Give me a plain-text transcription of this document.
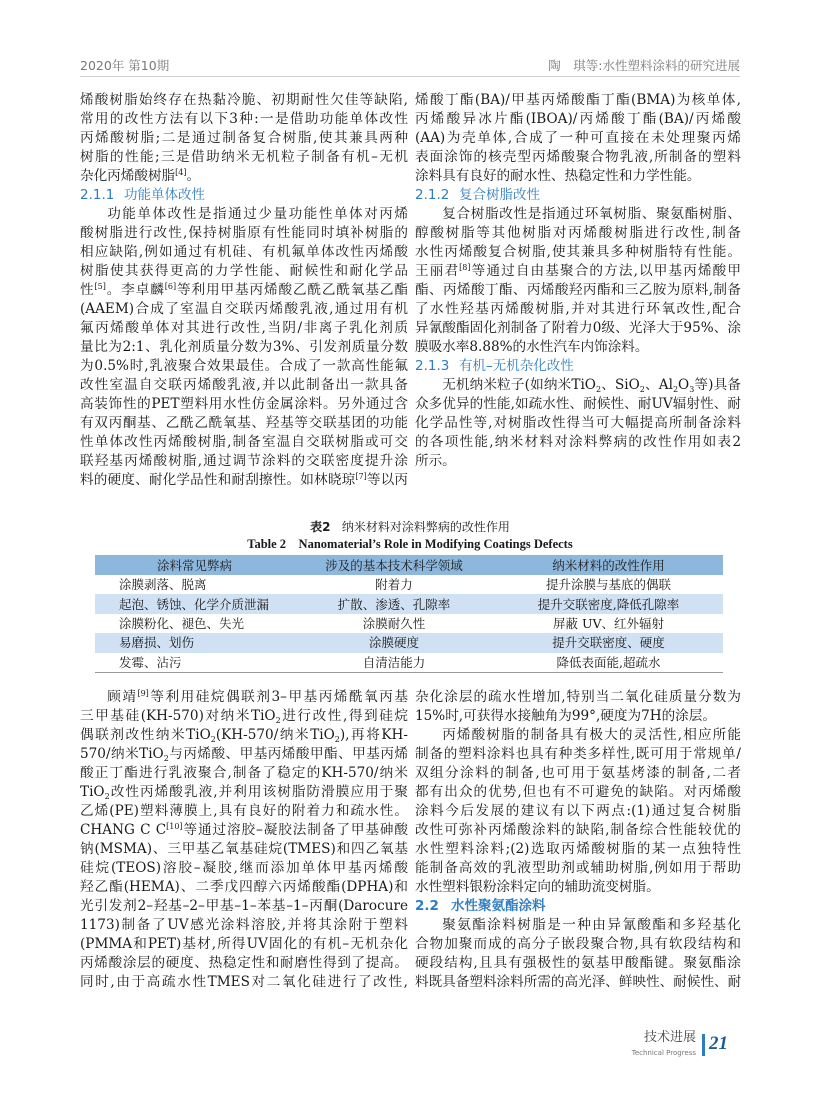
2020年 第10期	陶　琪等:水性塑料涂料的研究进展
烯酸树脂始终存在热黏冷脆、初期耐性欠佳等缺陷,
常用的改性方法有以下3种:一是借助功能单体改性
丙烯酸树脂;二是通过制备复合树脂,使其兼具两种
树脂的性能;三是借助纳米无机粒子制备有机–无机
杂化丙烯酸树脂[4]。
2.1.1 功能单体改性
功能单体改性是指通过少量功能性单体对丙烯
酸树脂进行改性,保持树脂原有性能同时填补树脂的
相应缺陷,例如通过有机硅、有机氟单体改性丙烯酸
树脂使其获得更高的力学性能、耐候性和耐化学品
性[5]。李卓麟[6]等利用甲基丙烯酸乙酰乙酰氧基乙酯
(AAEM)合成了室温自交联丙烯酸乳液,通过用有机
氟丙烯酸单体对其进行改性,当阴/非离子乳化剂质
量比为2:1、乳化剂质量分数为3%、引发剂质量分数
为0.5%时,乳液聚合效果最佳。合成了一款高性能氟
改性室温自交联丙烯酸乳液,并以此制备出一款具备
高装饰性的PET塑料用水性仿金属涂料。另外通过含
有双丙酮基、乙酰乙酰氧基、羟基等交联基团的功能
性单体改性丙烯酸树脂,制备室温自交联树脂或可交
联羟基丙烯酸树脂,通过调节涂料的交联密度提升涂
料的硬度、耐化学品性和耐刮擦性。如林晓琼[7]等以丙
烯酸丁酯(BA)/甲基丙烯酸酯丁酯(BMA)为核单体,
丙烯酸异冰片酯(IBOA)/丙烯酸丁酯(BA)/丙烯酸
(AA)为壳单体,合成了一种可直接在未处理聚丙烯
表面涂饰的核壳型丙烯酸聚合物乳液,所制备的塑料
涂料具有良好的耐水性、热稳定性和力学性能。
2.1.2 复合树脂改性
复合树脂改性是指通过环氧树脂、聚氨酯树脂、
醇酸树脂等其他树脂对丙烯酸树脂进行改性,制备
水性丙烯酸复合树脂,使其兼具多种树脂特有性能。
王丽君[8]等通过自由基聚合的方法,以甲基丙烯酸甲
酯、丙烯酸丁酯、丙烯酸羟丙酯和三乙胺为原料,制备
了水性羟基丙烯酸树脂,并对其进行环氧改性,配合
异氰酸酯固化剂制备了附着力0级、光泽大于95%、涂
膜吸水率8.88%的水性汽车内饰涂料。
2.1.3 有机–无机杂化改性
无机纳米粒子(如纳米TiO$_2$、SiO$_2$、$Al_2O_3$等)具备
众多优异的性能,如疏水性、耐候性、耐UV辐射性、耐
化学品性等,对树脂改性得当可大幅提高所制备涂料
的各项性能,纳米材料对涂料弊病的改性作用如表2
所示。
表2 纳米材料对涂料弊病的改性作用
Table 2　Nanomaterial’s Role in Modifying Coatings Defects
涂料常见弊病	涉及的基本技术科学领域	纳米材料的改性作用
涂膜剥落、脱离	附着力	提升涂膜与基底的偶联
起泡、锈蚀、化学介质泄漏	扩散、渗透、孔隙率	提升交联密度,降低孔隙率
涂膜粉化、褪色、失光	涂膜耐久性	屏蔽 UV、红外辐射
易磨损、划伤	涂膜硬度	提升交联密度、硬度
发霉、沾污	自清洁能力	降低表面能,超疏水
顾靖[9]等利用硅烷偶联剂3–甲基丙烯酰氧丙基
三甲基硅(KH-570)对纳米TiO$_2$进行改性,得到硅烷
偶联剂改性纳米TiO$_2$(KH-570/纳米TiO$_2$),再将KH-
570/纳米TiO$_2$与丙烯酸、甲基丙烯酸甲酯、甲基丙烯
酸正丁酯进行乳液聚合,制备了稳定的KH-570/纳米
TiO$_2$改性丙烯酸乳液,并利用该树脂防滑膜应用于聚
乙烯(PE)塑料薄膜上,具有良好的附着力和疏水性。
CHANG C C[10]等通过溶胶–凝胶法制备了甲基砷酸
钠(MSMA)、三甲基乙氧基硅烷(TMES)和四乙氧基
硅烷(TEOS)溶胶–凝胶,继而添加单体甲基丙烯酸
羟乙酯(HEMA)、二季戊四醇六丙烯酸酯(DPHA)和
光引发剂2–羟基–2–甲基–1–苯基–1–丙酮(Darocure
1173)制备了UV感光涂料溶胶,并将其涂附于塑料
(PMMA和PET)基材,所得UV固化的有机–无机杂化
丙烯酸涂层的硬度、热稳定性和耐磨性得到了提高。
同时,由于高疏水性TMES对二氧化硅进行了改性,
杂化涂层的疏水性增加,特别当二氧化硅质量分数为
15%时,可获得水接触角为99°,硬度为7H的涂层。
丙烯酸树脂的制备具有极大的灵活性,相应所能
制备的塑料涂料也具有种类多样性,既可用于常规单/
双组分涂料的制备,也可用于氨基烤漆的制备,二者
都有出众的优势,但也有不可避免的缺陷。对丙烯酸
涂料今后发展的建议有以下两点:(1)通过复合树脂
改性可弥补丙烯酸涂料的缺陷,制备综合性能较优的
水性塑料涂料;(2)选取丙烯酸树脂的某一点独特性
能制备高效的乳液型助剂或辅助树脂,例如用于帮助
水性塑料银粉涂料定向的辅助流变树脂。
2.2 水性聚氨酯涂料
聚氨酯涂料树脂是一种由异氰酸酯和多羟基化
合物加聚而成的高分子嵌段聚合物,具有软段结构和
硬段结构,且具有强极性的氨基甲酸酯键。聚氨酯涂
料既具备塑料涂料所需的高光泽、鲜映性、耐候性、耐
技术进展
Technical Progress 21
